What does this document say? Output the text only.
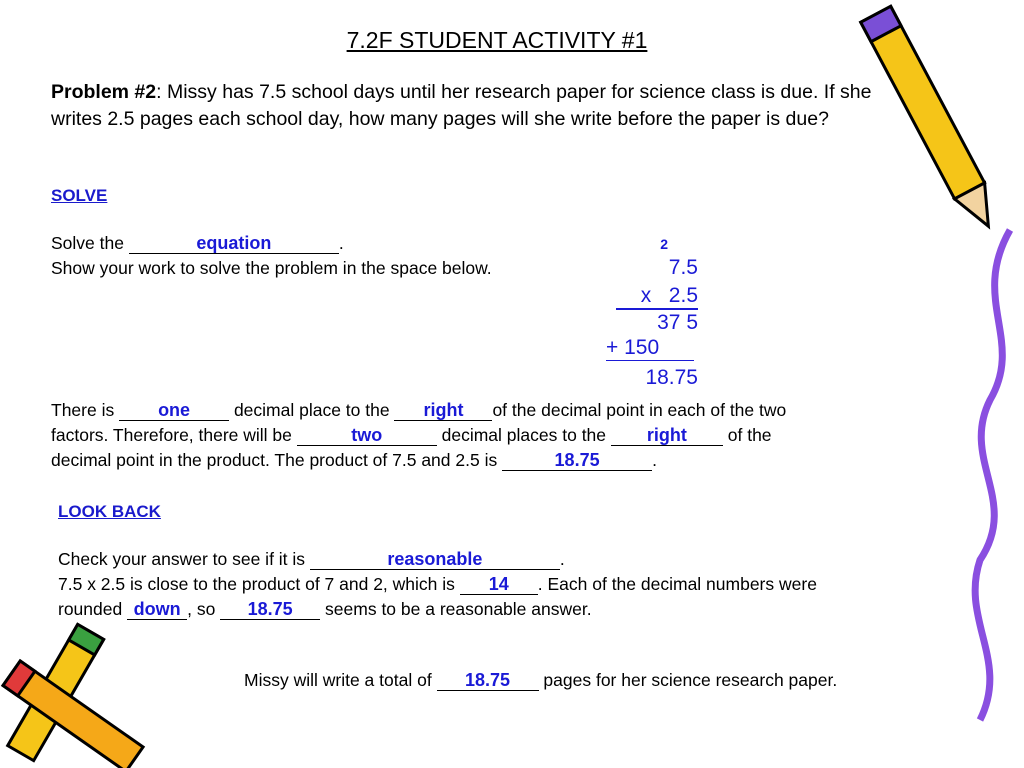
7.2F STUDENT ACTIVITY #1
Problem #2: Missy has 7.5 school days until her research paper for science class is due. If she writes 2.5 pages each school day, how many pages will she write before the paper is due?
SOLVE
Solve the	equation	.
Show your work to solve the problem in the space below.
2
7.5
x   2.5
37 5
+ 150
18.75
There is one decimal place to the right of the decimal point in each of the two
factors. Therefore, there will be	two	decimal places to the right of the
decimal point in the product. The product of 7.5 and 2.5 is	18.75	.
LOOK BACK
Check your answer to see if it is	reasonable	.
7.5 x 2.5 is close to the product of 7 and 2, which is 14 . Each of the decimal numbers were
rounded down , so 18.75 seems to be a reasonable answer.
Missy will write a total of 18.75 pages for her science research paper.
